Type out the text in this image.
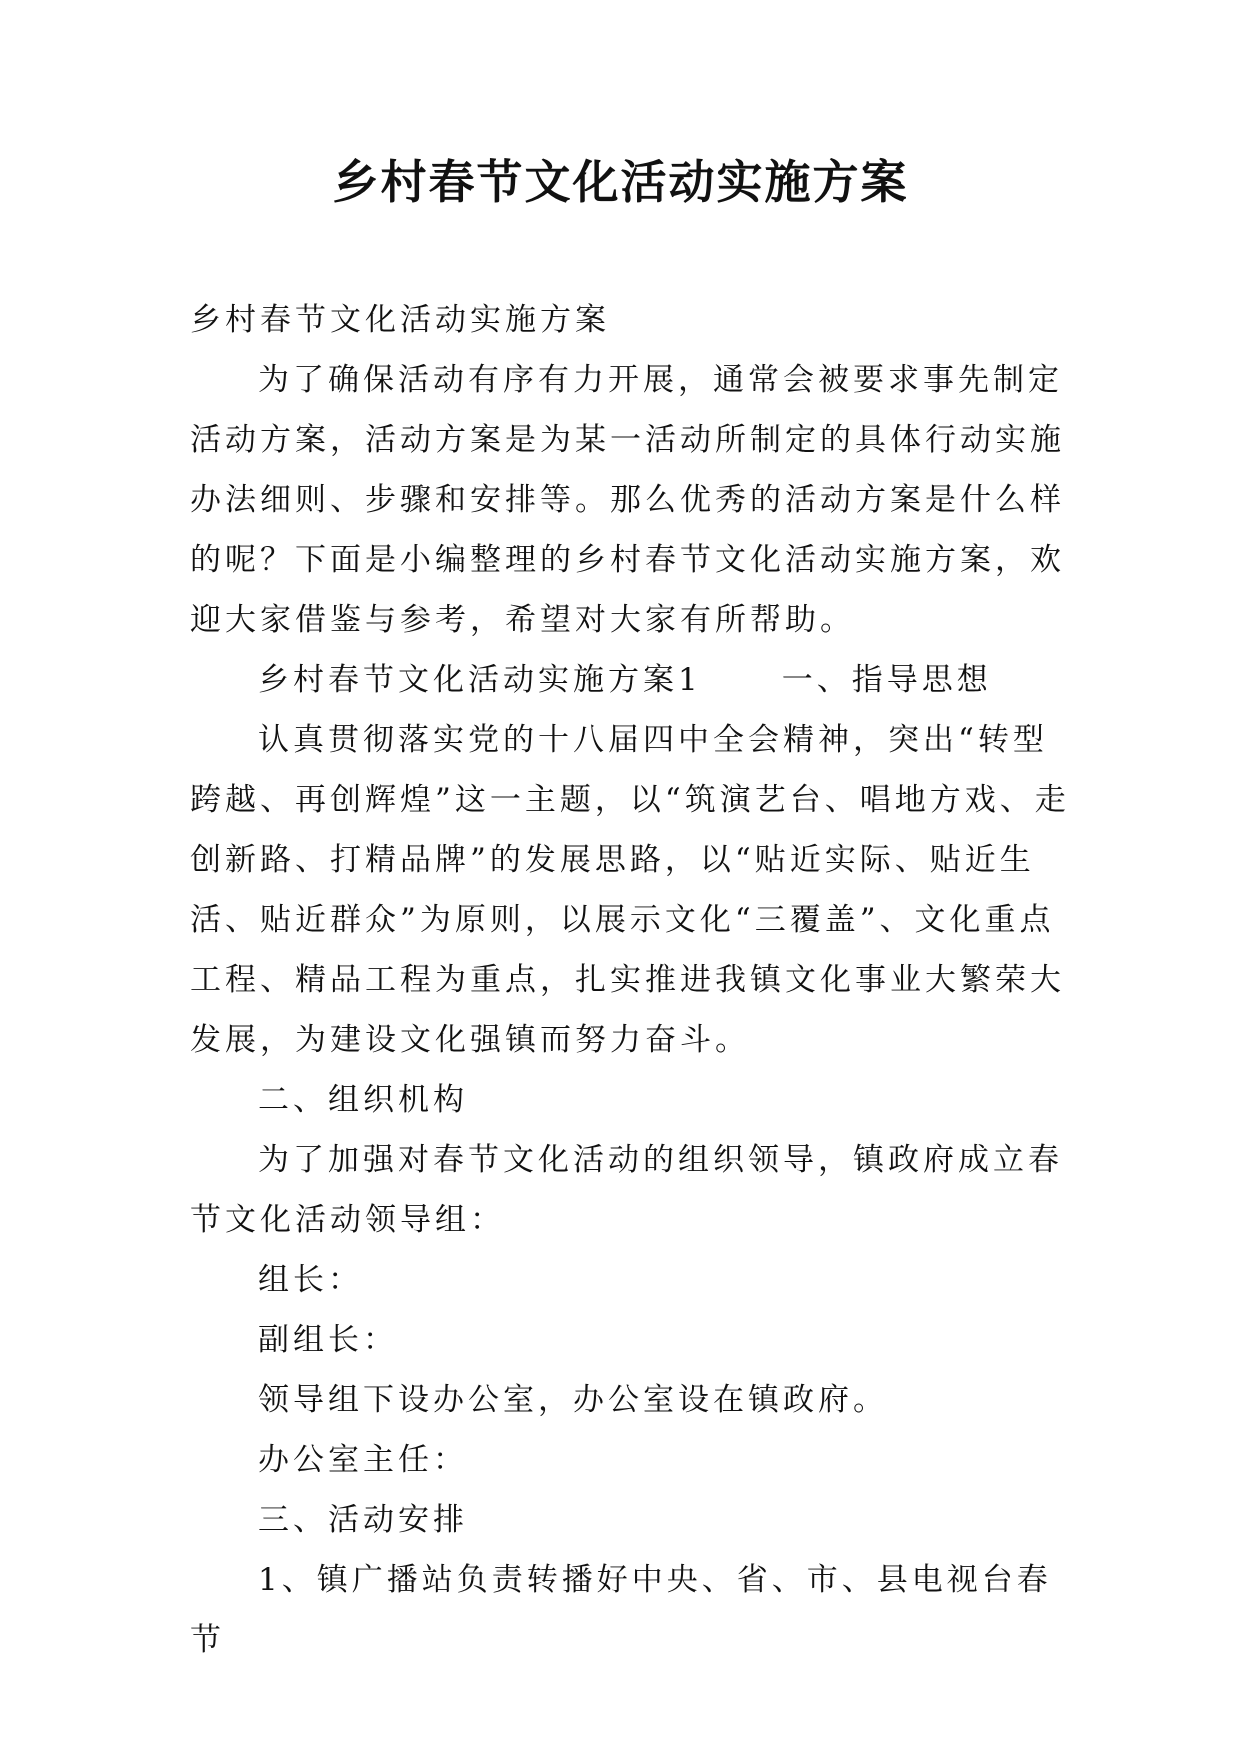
乡村春节文化活动实施方案

乡村春节文化活动实施方案

为了确保活动有序有力开展，通常会被要求事先制定活动方案，活动方案是为某一活动所制定的具体行动实施办法细则、步骤和安排等。那么优秀的活动方案是什么样的呢？下面是小编整理的乡村春节文化活动实施方案，欢迎大家借鉴与参考，希望对大家有所帮助。

乡村春节文化活动实施方案1	一、指导思想

认真贯彻落实党的十八届四中全会精神，突出“转型跨越、再创辉煌”这一主题，以“筑演艺台、唱地方戏、走创新路、打精品牌”的发展思路，以“贴近实际、贴近生活、贴近群众”为原则，以展示文化“三覆盖”、文化重点工程、精品工程为重点，扎实推进我镇文化事业大繁荣大发展，为建设文化强镇而努力奋斗。

二、组织机构

为了加强对春节文化活动的组织领导，镇政府成立春节文化活动领导组：

组长：

副组长：

领导组下设办公室，办公室设在镇政府。

办公室主任：

三、活动安排

1、镇广播站负责转播好中央、省、市、县电视台春节
